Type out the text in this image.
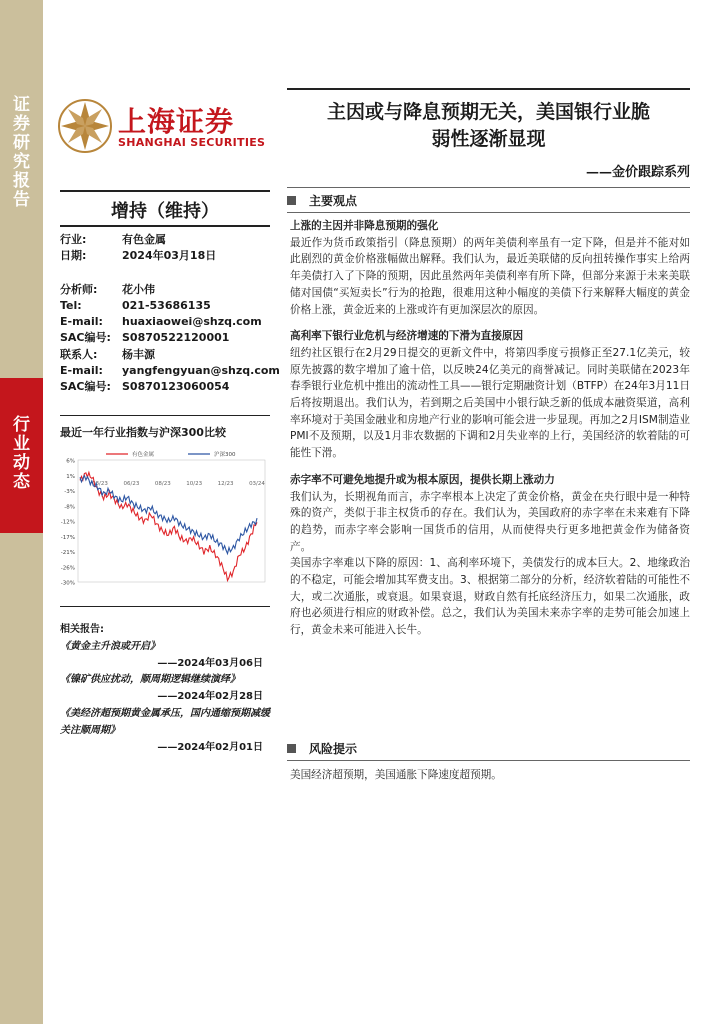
证
券
研
究
报
告
行
业
动
态
上海证券
SHANGHAI SECURITIES
主因或与降息预期无关，美国银行业脆
弱性逐渐显现
——金价跟踪系列
增持（维持）
行业:	有色金属
日期:	2024年03月18日
分析师:	花小伟
Tel:	021-53686135
E-mail:	huaxiaowei@shzq.com
SAC编号:	S0870522120001
联系人:	杨丰源
E-mail:	yangfengyuan@shzq.com
SAC编号:	S0870123060054
最近一年行业指数与沪深300比较
6%
1%
-3%
-8%
-12%
-17%
-21%
-26%
-30%
03/23	06/23	08/23	10/23	12/23	03/24
有色金属	沪深300
相关报告:
《黄金主升浪或开启》
——2024年03月06日
《镍矿供应扰动，顺周期逻辑继续演绎》
——2024年02月28日
《美经济超预期黄金属承压，国内通缩预期减缓关注顺周期》
——2024年02月01日
主要观点

上涨的主因并非降息预期的强化

最近作为货币政策指引（降息预期）的两年美债利率虽有一定下降，但是并不能对如此剧烈的黄金价格涨幅做出解释。我们认为，最近美联储的反向扭转操作事实上给两年美债打入了下降的预期，因此虽然两年美债利率有所下降，但部分来源于未来美联储对国债“买短卖长”行为的抢跑，很难用这种小幅度的美债下行来解释大幅度的黄金价格上涨，黄金近来的上涨或许有更加深层次的原因。

高利率下银行业危机与经济增速的下滑为直接原因

纽约社区银行在2月29日提交的更新文件中，将第四季度亏损修正至27.1亿美元，较原先披露的数字增加了逾十倍，以反映24亿美元的商誉减记。同时美联储在2023年春季银行业危机中推出的流动性工具——银行定期融资计划（BTFP）在24年3月11日后将按期退出。我们认为，若到期之后美国中小银行缺乏新的低成本融资渠道，高利率环境对于美国金融业和房地产行业的影响可能会进一步显现。再加之2月ISM制造业PMI不及预期，以及1月非农数据的下调和2月失业率的上行，美国经济的软着陆的可能性下滑。

赤字率不可避免地提升或为根本原因，提供长期上涨动力

我们认为，长期视角而言，赤字率根本上决定了黄金价格，黄金在央行眼中是一种特殊的资产，类似于非主权货币的存在。我们认为，美国政府的赤字率在未来难有下降的趋势，而赤字率会影响一国货币的信用，从而使得央行更多地把黄金作为储备资产。

美国赤字率难以下降的原因：1、高利率环境下，美债发行的成本巨大。2、地缘政治的不稳定，可能会增加其军费支出。3、根据第二部分的分析，经济软着陆的可能性不大，或二次通胀，或衰退。如果衰退，财政自然有托底经济压力，如果二次通胀，政府也必须进行相应的财政补偿。总之，我们认为美国未来赤字率的走势可能会加速上行，黄金未来可能进入长牛。

风险提示

美国经济超预期，美国通胀下降速度超预期。
